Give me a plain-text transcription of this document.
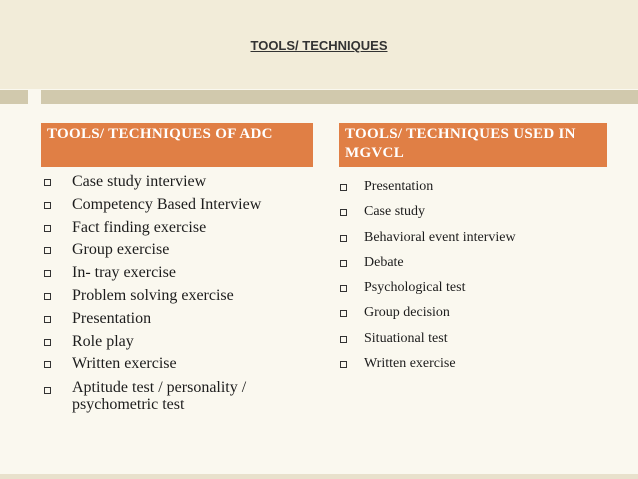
TOOLS/ TECHNIQUES
TOOLS/ TECHNIQUES OF ADC	TOOLS/ TECHNIQUES USED IN MGVCL
Case study interview
Competency Based Interview
Fact finding exercise
Group exercise
In- tray exercise
Problem solving exercise
Presentation
Role play
Written exercise
Aptitude test / personality / psychometric test
Presentation
Case study
Behavioral event interview
Debate
Psychological test
Group decision
Situational test
Written exercise
